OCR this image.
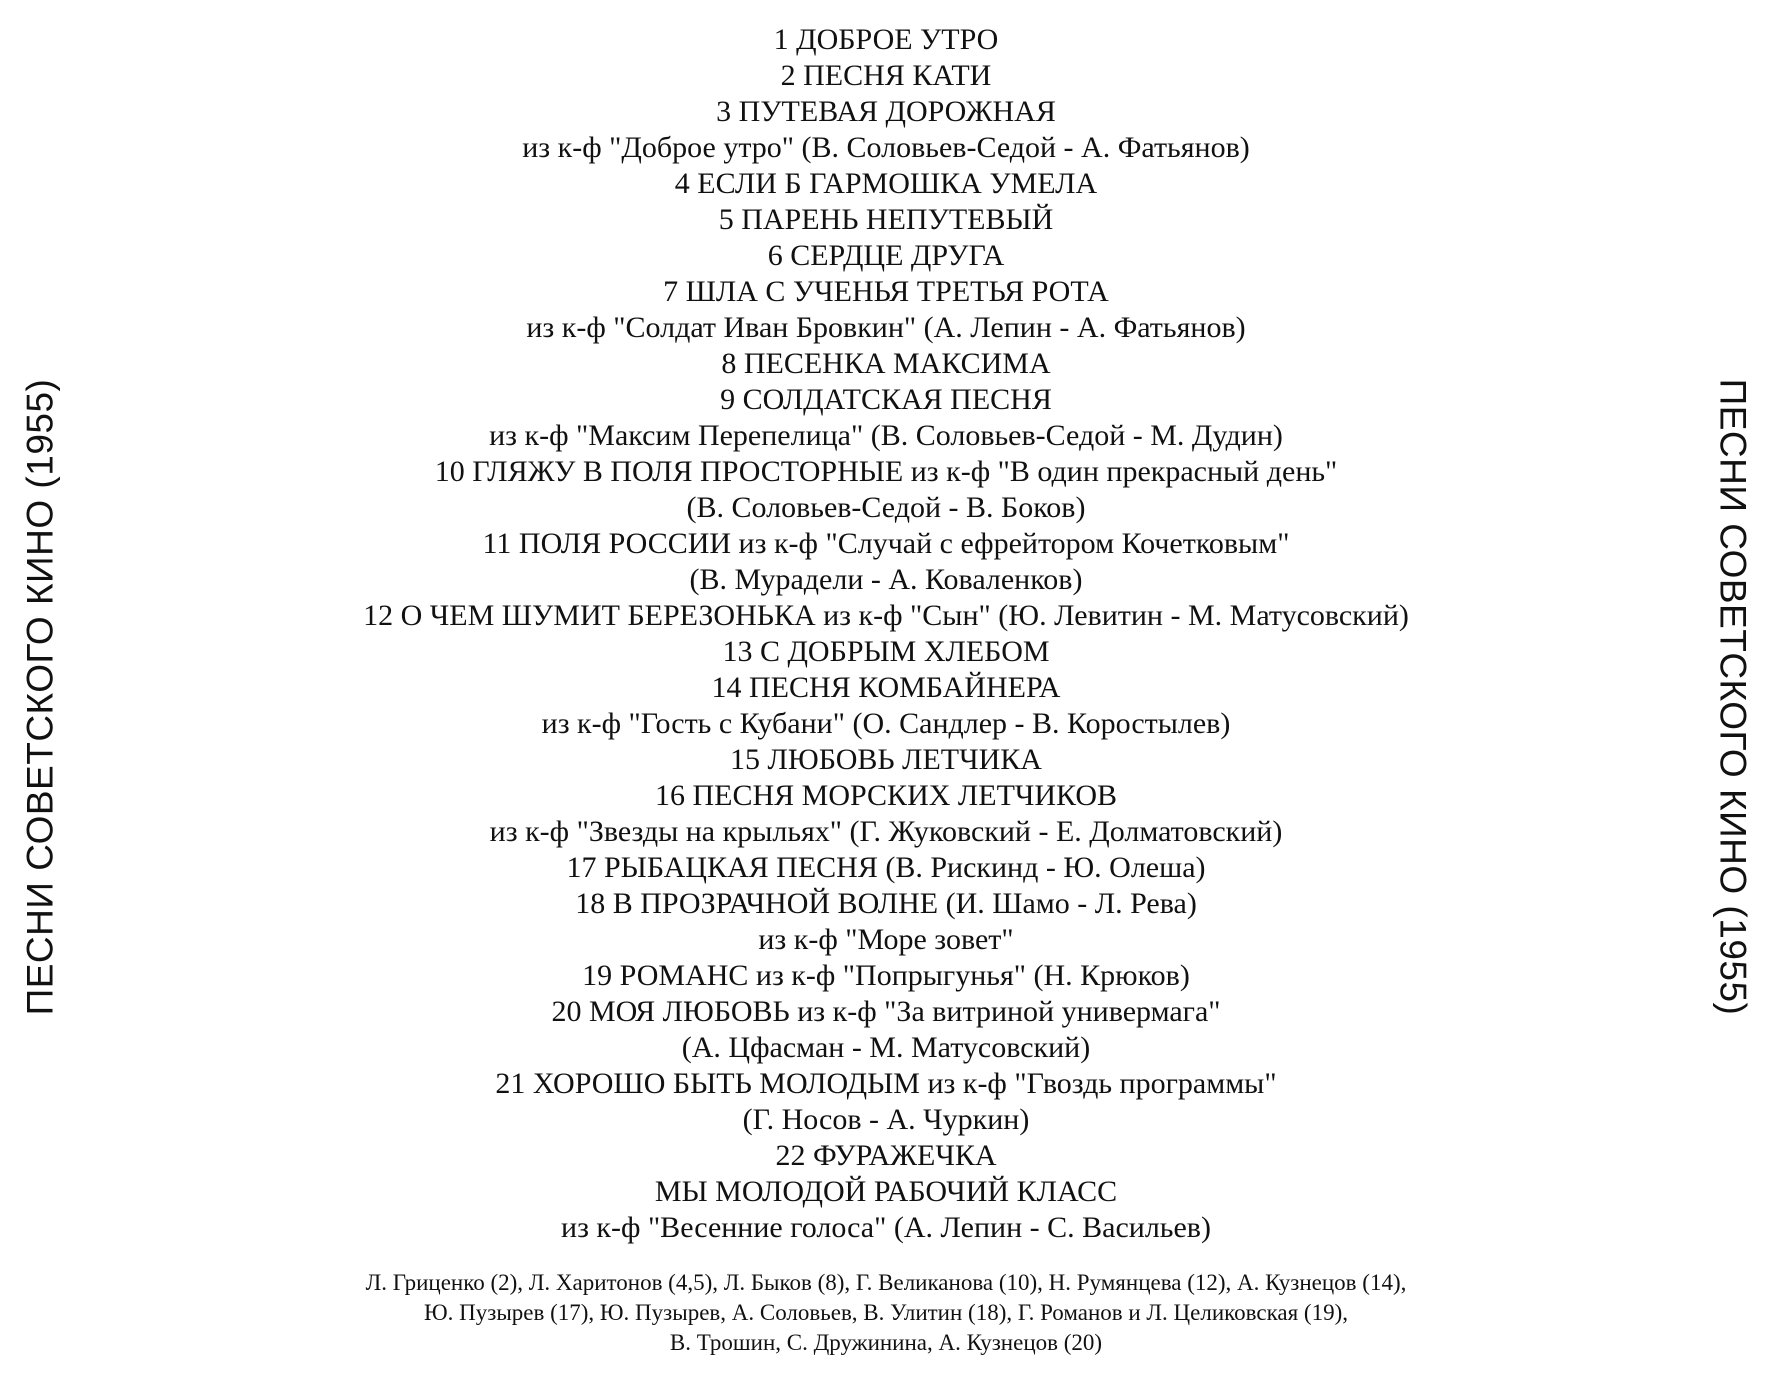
ПЕСНИ СОВЕТСКОГО КИНО (1955)	ПЕСНИ СОВЕТСКОГО КИНО (1955)
1 ДОБРОЕ УТРО
2 ПЕСНЯ КАТИ
3 ПУТЕВАЯ ДОРОЖНАЯ
из к-ф "Доброе утро" (В. Соловьев-Седой - А. Фатьянов)
4 ЕСЛИ Б ГАРМОШКА УМЕЛА
5 ПАРЕНЬ НЕПУТЕВЫЙ
6 СЕРДЦЕ ДРУГА
7 ШЛА С УЧЕНЬЯ ТРЕТЬЯ РОТА
из к-ф "Солдат Иван Бровкин" (А. Лепин - А. Фатьянов)
8 ПЕСЕНКА МАКСИМА
9 СОЛДАТСКАЯ ПЕСНЯ
из к-ф "Максим Перепелица" (В. Соловьев-Седой - М. Дудин)
10 ГЛЯЖУ В ПОЛЯ ПРОСТОРНЫЕ из к-ф "В один прекрасный день"
(В. Соловьев-Седой - В. Боков)
11 ПОЛЯ РОССИИ из к-ф "Случай с ефрейтором Кочетковым"
(В. Мурадели - А. Коваленков)
12 О ЧЕМ ШУМИТ БЕРЕЗОНЬКА из к-ф "Сын" (Ю. Левитин - М. Матусовский)
13 С ДОБРЫМ ХЛЕБОМ
14 ПЕСНЯ КОМБАЙНЕРА
из к-ф "Гость с Кубани" (О. Сандлер - В. Коростылев)
15 ЛЮБОВЬ ЛЕТЧИКА
16 ПЕСНЯ МОРСКИХ ЛЕТЧИКОВ
из к-ф "Звезды на крыльях" (Г. Жуковский - Е. Долматовский)
17 РЫБАЦКАЯ ПЕСНЯ (В. Рискинд - Ю. Олеша)
18 В ПРОЗРАЧНОЙ ВОЛНЕ (И. Шамо - Л. Рева)
из к-ф "Море зовет"
19 РОМАНС из к-ф "Попрыгунья" (Н. Крюков)
20 МОЯ ЛЮБОВЬ из к-ф "За витриной универмага"
(А. Цфасман - М. Матусовский)
21 ХОРОШО БЫТЬ МОЛОДЫМ из к-ф "Гвоздь программы"
(Г. Носов - А. Чуркин)
22 ФУРАЖЕЧКА
МЫ МОЛОДОЙ РАБОЧИЙ КЛАСС
из к-ф "Весенние голоса" (А. Лепин - С. Васильев)
Л. Гриценко (2), Л. Харитонов (4,5), Л. Быков (8), Г. Великанова (10), Н. Румянцева (12), А. Кузнецов (14),
Ю. Пузырев (17), Ю. Пузырев, А. Соловьев, В. Улитин (18), Г. Романов и Л. Целиковская (19),
В. Трошин, С. Дружинина, А. Кузнецов (20)
